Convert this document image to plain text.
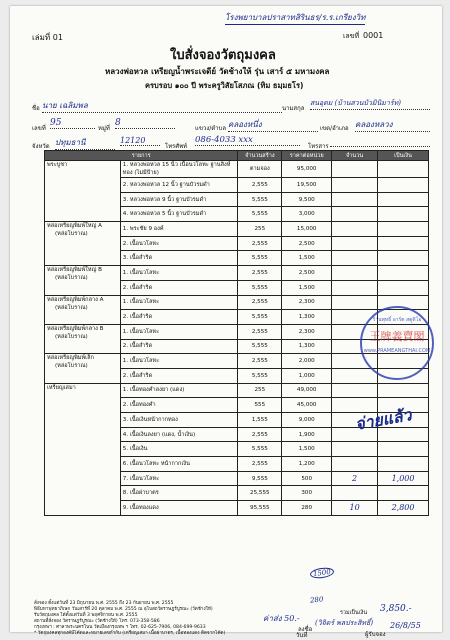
โรงพยาบาลปราสาทสิรินธร/ร.ร.เกรียงวิท
เล่มที่ 01	เลขที่ 0001
ใบสั่งจองวัตถุมงคล
หลวงพ่อหวล เหรียญน้ำพระเจดีย์ วัดช้างให้ รุ่น เสาร์ ๕ มหามงคล
ครบรอบ ๑๐๐ ปี พระครูวิสัยโสภณ (ทิม ธมฺมธโร)
ชื่อ นาย เฉลิมพล	นามสกุล
สนอุดม (บ้านสวนบัวมินิมาร์ท)
เลขที่
95
หมู่ที่
8
แขวง/ตำบล คลองหนึ่ง	เขต/อำเภอ คลองหลวง
จังหวัด ปทุมธานี	12120
โทรศัพท์
086-4033 xxx
โทรสาร
รายการ		จำนวนสร้าง	ราคาต่อหน่วย	จำนวน	เป็นเงิน

พระบูชา	1. หลวงพ่อหวล 15 นิ้ว เนื้อนวโลหะ ฐานสิงห์ทอง (ไม่มีป้าย)	ตามจอง	95,000		
	2. หลวงพ่อหวล 12 นิ้ว ฐานบัวรมดำ	2,555	19,500		
	3. หลวงพ่อหวล 9 นิ้ว ฐานบัวรมดำ	5,555	9,500		
	4. หลวงพ่อหวล 5 นิ้ว ฐานบัวรมดำ	5,555	3,000		

หล่อเหรียญพิมพ์ใหญ่ A
(หล่อโบราณ)	1. พระชัย 9 องค์	255	15,000		
	2. เนื้อนวโลหะ	2,555	2,500		
	3. เนื้อสำริด	5,555	1,500		

หล่อเหรียญพิมพ์ใหญ่ B
(หล่อโบราณ)	1. เนื้อนวโลหะ	2,555	2,500		
	2. เนื้อสำริด	5,555	1,500		

หล่อเหรียญพิมพ์กลาง A
(หล่อโบราณ)	1. เนื้อนวโลหะ	2,555	2,300		
	2. เนื้อสำริด	5,555	1,300		

หล่อเหรียญพิมพ์กลาง B
(หล่อโบราณ)	1. เนื้อนวโลหะ	2,555	2,300		
	2. เนื้อสำริด	5,555	1,300		

หล่อเหรียญพิมพ์เล็ก
(หล่อโบราณ)	1. เนื้อนวโลหะ	2,555	2,000		
	2. เนื้อสำริด	5,555	1,000		

เหรียญเสมา	1. เนื้อทองคำลงยา (แดง)	255	49,000		
	2. เนื้อทองคำ	555	45,000		
	3. เนื้อเงินหน้ากากทอง	1,555	9,000		
	4. เนื้อเงินลงยา (แดง, น้ำเงิน)	2,555	1,900		
	5. เนื้อเงิน	5,555	1,500		
	6. เนื้อนวโลหะ หน้ากากเงิน	2,555	1,200		
	7. เนื้อนวโลหะ	9,555	500	2	1,000
	8. เนื้อฝาบาตร	25,555	300		
	9. เนื้อทองแดง	95,555	280	10	2,800
1500
280
จ่ายแล้ว
ร้านพุทธิ์ อาร์ต สตูดิโอ
王牌義賣閣
www.PRAMEANGTHAI.COM
รวมเป็นเงิน 3,850.-
สั่งจอง ตั้งแต่วันที่ 23 มิถุนายน พ.ศ. 2555 ถึง 23 กันยายน พ.ศ. 2555
พิธีมหาพุทธาภิเษก วันเสาร์ที่ 20 ตุลาคม พ.ศ. 2555 ณ อุโบสถวัดราษฎร์บูรณะ (วัดช้างให้)
รับวัตถุมงคล ได้ตั้งแต่วันที่ 3 พฤศจิกายน พ.ศ. 2555
สถานที่สั่งจอง วัดราษฎร์บูรณะ (วัดช้างให้) โทร. 073-358-586
กรุงเทพฯ : ศาลาพระนครโนน วัดเมืองกรุงเทพ ฯ โทร. 02-625-7906, 084-699-9633
* วัตถุมงคลทุกองค์มีโค้ดและหมายเลขกำกับ (เหรียญเสมา เนื้อฝาบาตร, เนื้อทองแดง ติดจากโค้ด)
ค่าส่ง 50.-
ลงชื่อ
(วิจิตร์ พลประสิทธิ์)
วันที่
26/8/55
ผู้รับจอง
